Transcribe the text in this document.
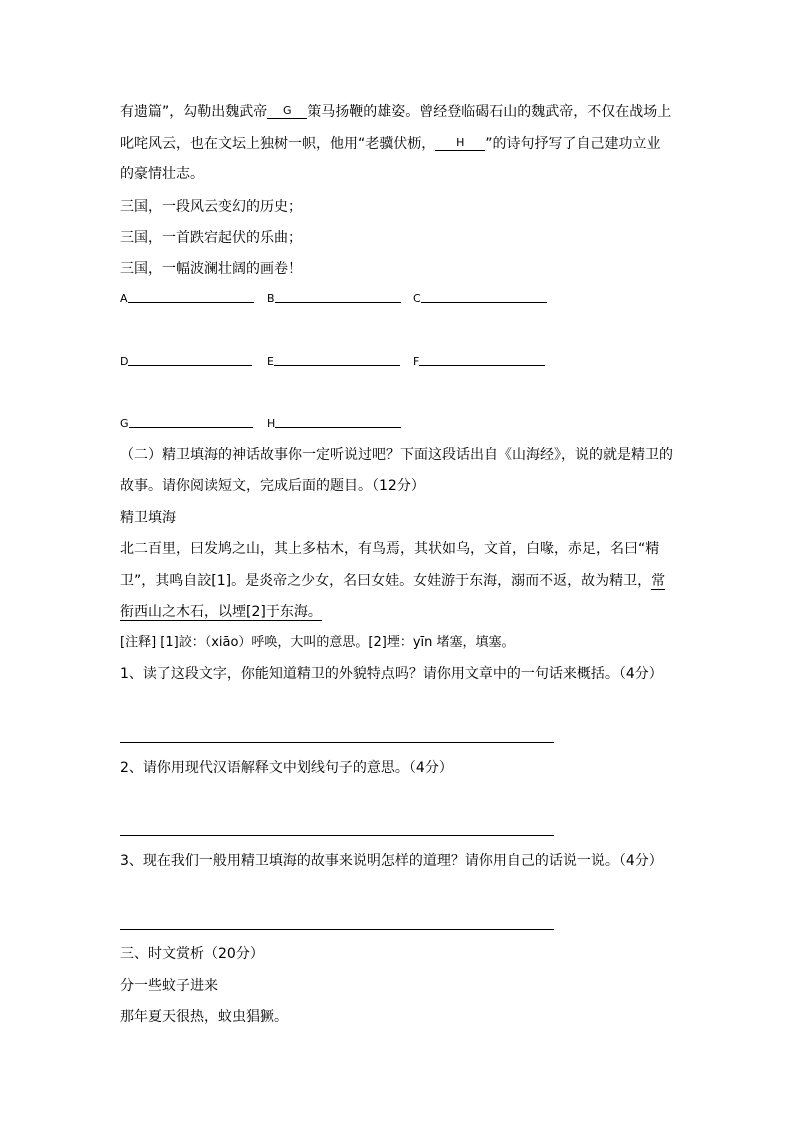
有遗篇”，勾勒出魏武帝 G 策马扬鞭的雄姿。曾经登临碣石山的魏武帝，不仅在战场上
叱咤风云，也在文坛上独树一帜，他用“老骥伏枥， H ”的诗句抒写了自己建功立业
的豪情壮志。
三国，一段风云变幻的历史；
三国，一首跌宕起伏的乐曲；
三国，一幅波澜壮阔的画卷！
A	B	C
D	E	F
G	H
（二）精卫填海的神话故事你一定听说过吧？下面这段话出自《山海经》，说的就是精卫的
故事。请你阅读短文，完成后面的题目。（12分）
精卫填海
北二百里，曰发鸠之山，其上多枯木，有鸟焉，其状如乌，文首，白喙，赤足，名曰“精
卫”，其鸣自詨[1]。是炎帝之少女，名曰女娃。女娃游于东海，溺而不返，故为精卫，常
衔西山之木石，以堙[2]于东海。
[注释] [1]詨：（xiāo）呼唤，大叫的意思。[2]堙：yīn 堵塞，填塞。
1、读了这段文字，你能知道精卫的外貌特点吗？请你用文章中的一句话来概括。（4分）
2、请你用现代汉语解释文中划线句子的意思。（4分）
3、现在我们一般用精卫填海的故事来说明怎样的道理？请你用自己的话说一说。（4分）
三、时文赏析（20分）
分一些蚊子进来
那年夏天很热，蚊虫猖獗。
